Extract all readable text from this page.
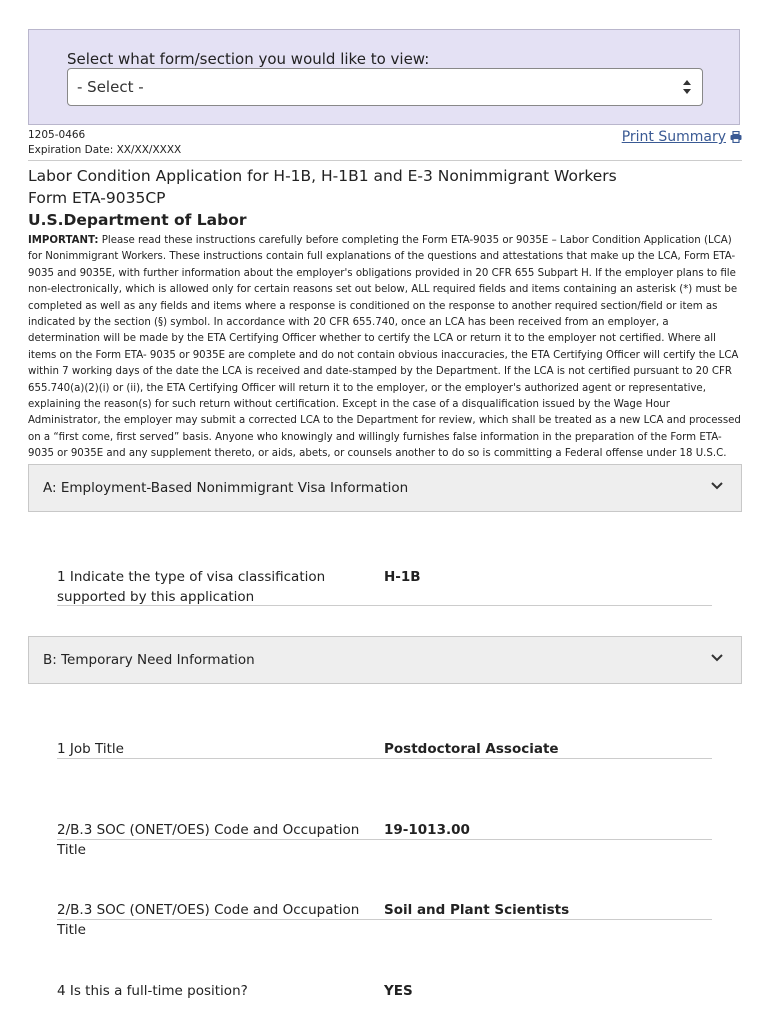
Select what form/section you would like to view:
- Select -
1205-0466
Expiration Date: XX/XX/XXXX
Print Summary
Labor Condition Application for H-1B, H-1B1 and E-3 Nonimmigrant Workers
Form ETA-9035CP
U.S.Department of Labor
IMPORTANT: Please read these instructions carefully before completing the Form ETA-9035 or 9035E – Labor Condition Application (LCA) for Nonimmigrant Workers. These instructions contain full explanations of the questions and attestations that make up the LCA, Form ETA-9035 and 9035E, with further information about the employer's obligations provided in 20 CFR 655 Subpart H. If the employer plans to file non-electronically, which is allowed only for certain reasons set out below, ALL required fields and items containing an asterisk (*) must be completed as well as any fields and items where a response is conditioned on the response to another required section/field or item as indicated by the section (§) symbol. In accordance with 20 CFR 655.740, once an LCA has been received from an employer, a determination will be made by the ETA Certifying Officer whether to certify the LCA or return it to the employer not certified. Where all items on the Form ETA- 9035 or 9035E are complete and do not contain obvious inaccuracies, the ETA Certifying Officer will certify the LCA within 7 working days of the date the LCA is received and date-stamped by the Department. If the LCA is not certified pursuant to 20 CFR 655.740(a)(2)(i) or (ii), the ETA Certifying Officer will return it to the employer, or the employer's authorized agent or representative, explaining the reason(s) for such return without certification. Except in the case of a disqualification issued by the Wage Hour Administrator, the employer may submit a corrected LCA to the Department for review, which shall be treated as a new LCA and processed on a “first come, first served” basis. Anyone who knowingly and willingly furnishes false information in the preparation of the Form ETA- 9035 or 9035E and any supplement thereto, or aids, abets, or counsels another to do so is committing a Federal offense under 18 U.S.C.
A: Employment-Based Nonimmigrant Visa Information
1 Indicate the type of visa classification supported by this application
H-1B
B: Temporary Need Information
1 Job Title	Postdoctoral Associate
2/B.3 SOC (ONET/OES) Code and Occupation Title
19-1013.00
2/B.3 SOC (ONET/OES) Code and Occupation Title
Soil and Plant Scientists
4 Is this a full-time position?	YES
